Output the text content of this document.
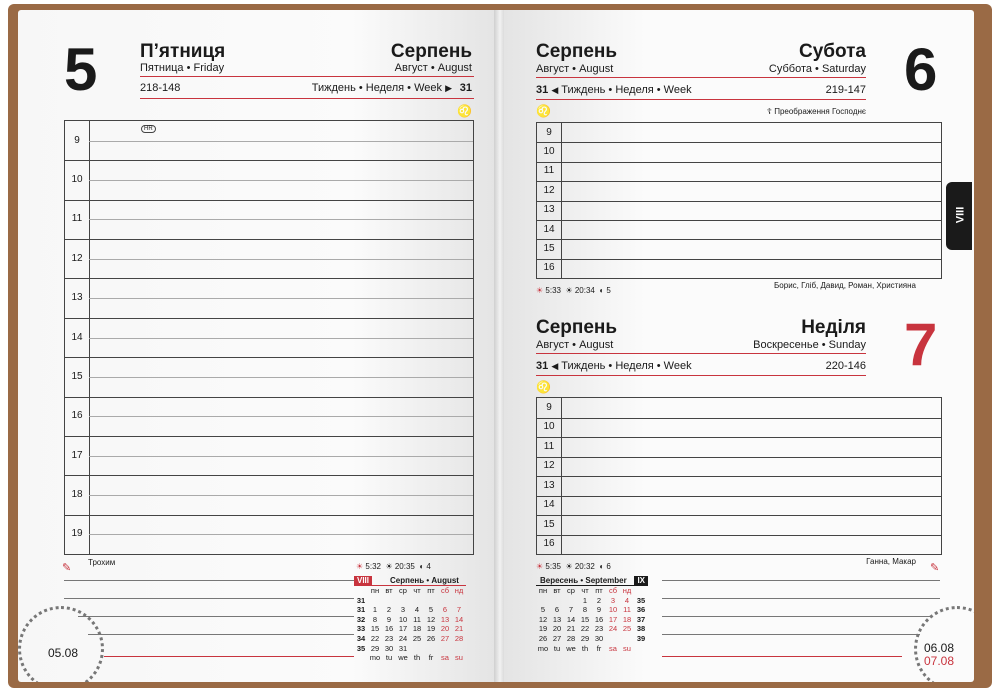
5 П’ятниця
Пятница • Friday
Серпень
Август • August
218-148	Тиждень • Неделя • Week ▶ 31
♌
HR
9
10
11
12
13
14
15
16
17
18
19
✎ Трохим	☀ 5:32 ☀ 20:35 ◐ 4
05.08
VIII	Серпень • August
	пн	вт	ср	чт	пт	сб	нд
31							
31	1	2	3	4	5	6	7
32	8	9	10	11	12	13	14
33	15	16	17	18	19	20	21
34	22	23	24	25	26	27	28
35	29	30	31				
	mo	tu	we	th	fr	sa	su
Серпень
Август • August
Субота
Суббота • Saturday 6
31 ◀ Тиждень • Неделя • Week	219-147
♌	☦ Преображення Господнє
9
10
11
12
13
14
15
16
Борис, Гліб, Давид, Роман, Християна
☀ 5:33 ☀ 20:34 ◐ 5
Серпень
Август • August
Неділя
Воскресенье • Sunday 7
31 ◀ Тиждень • Неделя • Week	220-146
♌
9
10
11
12
13
14
15
16
Ганна, Макар
✎
☀ 5:35 ☀ 20:32 ◐ 6
Вересень • September	IX
пн	вт	ср	чт	пт	сб	нд	
			1	2	3	4	35
5	6	7	8	9	10	11	36
12	13	14	15	16	17	18	37
19	20	21	22	23	24	25	38
26	27	28	29	30			39
mo	tu	we	th	fr	sa	su		06.08
07.08
VIII
